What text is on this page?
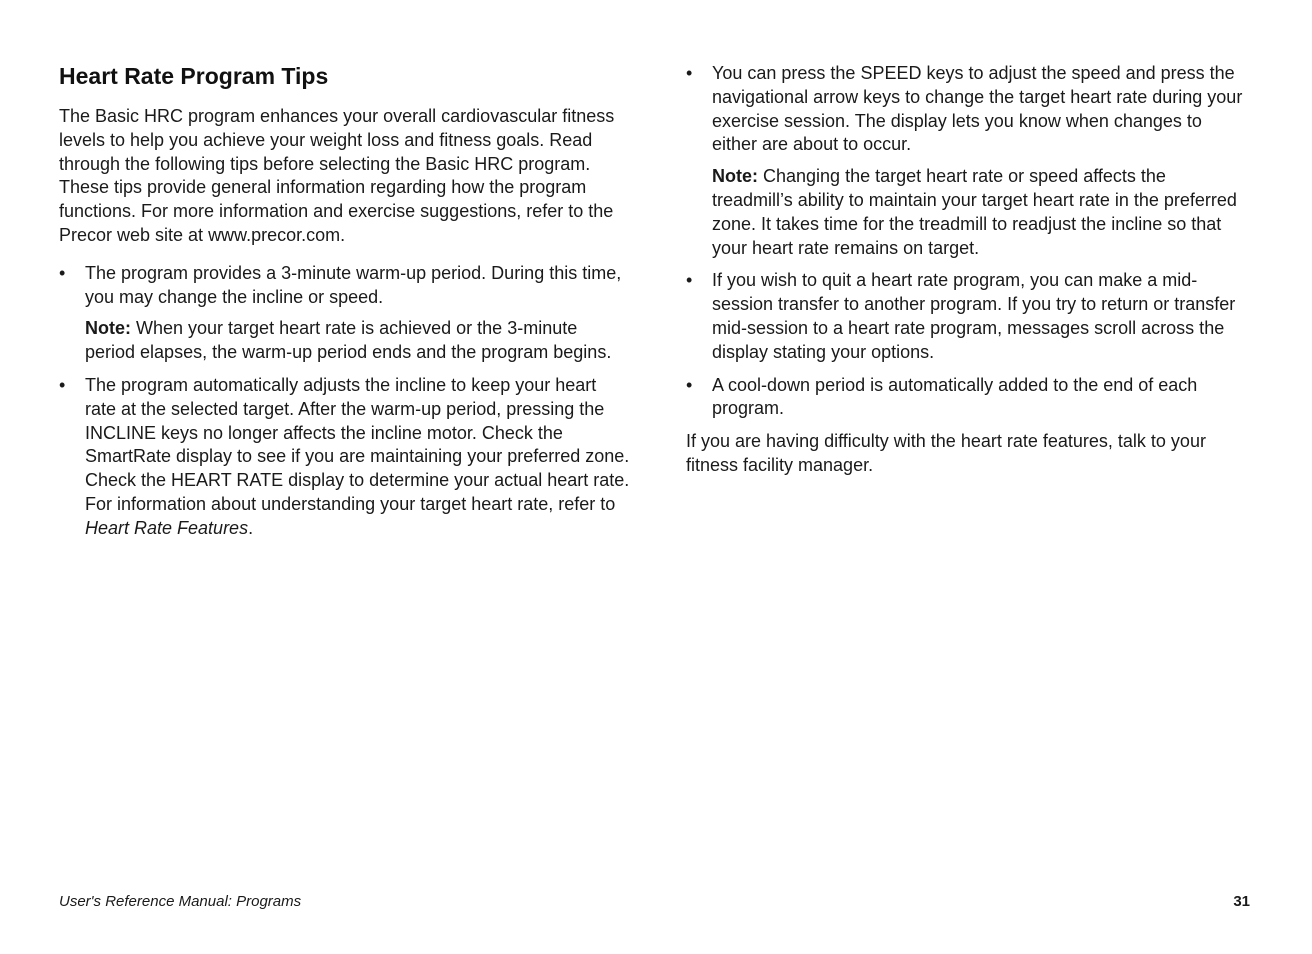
Heart Rate Program Tips

The Basic HRC program enhances your overall cardiovascular fitness levels to help you achieve your weight loss and fitness goals. Read through the following tips before selecting the Basic HRC program. These tips provide general information regarding how the program functions. For more information and exercise suggestions, refer to the Precor web site at www.precor.com.

•	The program provides a 3-minute warm-up period. During this time, you may change the incline or speed.

Note: When your target heart rate is achieved or the 3-minute period elapses, the warm-up period ends and the program begins.

•	The program automatically adjusts the incline to keep your heart rate at the selected target. After the warm-up period, pressing the INCLINE keys no longer affects the incline motor. Check the SmartRate display to see if you are maintaining your preferred zone. Check the HEART RATE display to determine your actual heart rate. For information about understanding your target heart rate, refer to Heart Rate Features.

•	You can press the SPEED keys to adjust the speed and press the navigational arrow keys to change the target heart rate during your exercise session. The display lets you know when changes to either are about to occur.

Note: Changing the target heart rate or speed affects the treadmill’s ability to maintain your target heart rate in the preferred zone. It takes time for the treadmill to readjust the incline so that your heart rate remains on target.

•	If you wish to quit a heart rate program, you can make a mid-session transfer to another program. If you try to return or transfer mid-session to a heart rate program, messages scroll across the display stating your options.

•	A cool-down period is automatically added to the end of each program.

If you are having difficulty with the heart rate features, talk to your fitness facility manager.

User's Reference Manual: Programs	31
